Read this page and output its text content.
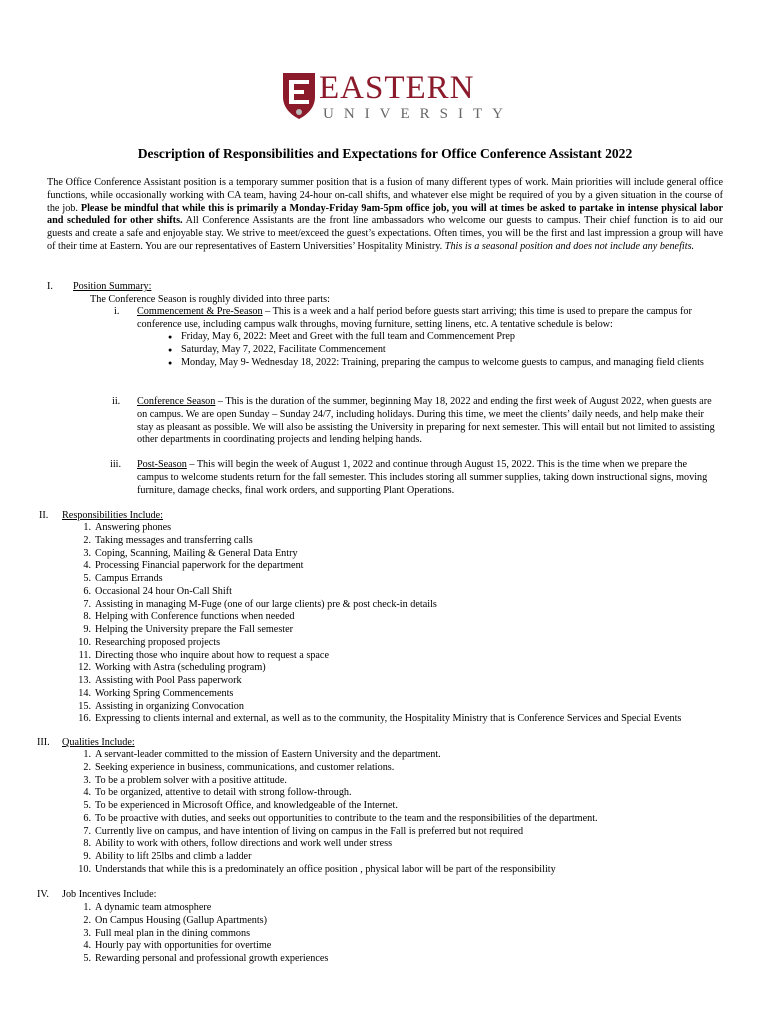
EASTERN
UNIVERSITY
Description of Responsibilities and Expectations for Office Conference Assistant 2022
The Office Conference Assistant position is a temporary summer position that is a fusion of many different types of work. Main priorities will include general office functions, while occasionally working with CA team, having 24-hour on-call shifts, and whatever else might be required of you by a given situation in the course of the job. Please be mindful that while this is primarily a Monday-Friday 9am-5pm office job, you will at times be asked to partake in intense physical labor and scheduled for other shifts. All Conference Assistants are the front line ambassadors who welcome our guests to campus. Their chief function is to aid our guests and create a safe and enjoyable stay. We strive to meet/exceed the guest’s expectations. Often times, you will be the first and last impression a group will have of their time at Eastern. You are our representatives of Eastern Universities’ Hospitality Ministry. This is a seasonal position and does not include any benefits.
I. Position Summary:
The Conference Season is roughly divided into three parts:
i. Commencement & Pre-Season – This is a week and a half period before guests start arriving; this time is used to prepare the campus for conference use, including campus walk throughs, moving furniture, setting linens, etc. A tentative schedule is below:
● Friday, May 6, 2022: Meet and Greet with the full team and Commencement Prep
● Saturday, May 7, 2022, Facilitate Commencement
● Monday, May 9- Wednesday 18, 2022: Training, preparing the campus to welcome guests to campus, and managing field clients
ii. Conference Season – This is the duration of the summer, beginning May 18, 2022 and ending the first week of August 2022, when guests are on campus. We are open Sunday – Sunday 24/7, including holidays. During this time, we meet the clients’ daily needs, and help make their stay as pleasant as possible. We will also be assisting the University in preparing for next semester. This will entail but not limited to assisting other departments in coordinating projects and lending helping hands.
iii. Post-Season – This will begin the week of August 1, 2022 and continue through August 15, 2022. This is the time when we prepare the campus to welcome students return for the fall semester. This includes storing all summer supplies, taking down instructional signs, moving furniture, damage checks, final work orders, and supporting Plant Operations.
II. Responsibilities Include:
1. Answering phones
2. Taking messages and transferring calls
3. Coping, Scanning, Mailing & General Data Entry
4. Processing Financial paperwork for the department
5. Campus Errands
6. Occasional 24 hour On-Call Shift
7. Assisting in managing M-Fuge (one of our large clients) pre & post check-in details
8. Helping with Conference functions when needed
9. Helping the University prepare the Fall semester
10. Researching proposed projects
11. Directing those who inquire about how to request a space
12. Working with Astra (scheduling program)
13. Assisting with Pool Pass paperwork
14. Working Spring Commencements
15. Assisting in organizing Convocation
16. Expressing to clients internal and external, as well as to the community, the Hospitality Ministry that is Conference Services and Special Events
III. Qualities Include:
1. A servant-leader committed to the mission of Eastern University and the department.
2. Seeking experience in business, communications, and customer relations.
3. To be a problem solver with a positive attitude.
4. To be organized, attentive to detail with strong follow-through.
5. To be experienced in Microsoft Office, and knowledgeable of the Internet.
6. To be proactive with duties, and seeks out opportunities to contribute to the team and the responsibilities of the department.
7. Currently live on campus, and have intention of living on campus in the Fall is preferred but not required
8. Ability to work with others, follow directions and work well under stress
9. Ability to lift 25lbs and climb a ladder
10. Understands that while this is a predominately an office position , physical labor will be part of the responsibility
IV. Job Incentives Include:
1. A dynamic team atmosphere
2. On Campus Housing (Gallup Apartments)
3. Full meal plan in the dining commons
4. Hourly pay with opportunities for overtime
5. Rewarding personal and professional growth experiences
